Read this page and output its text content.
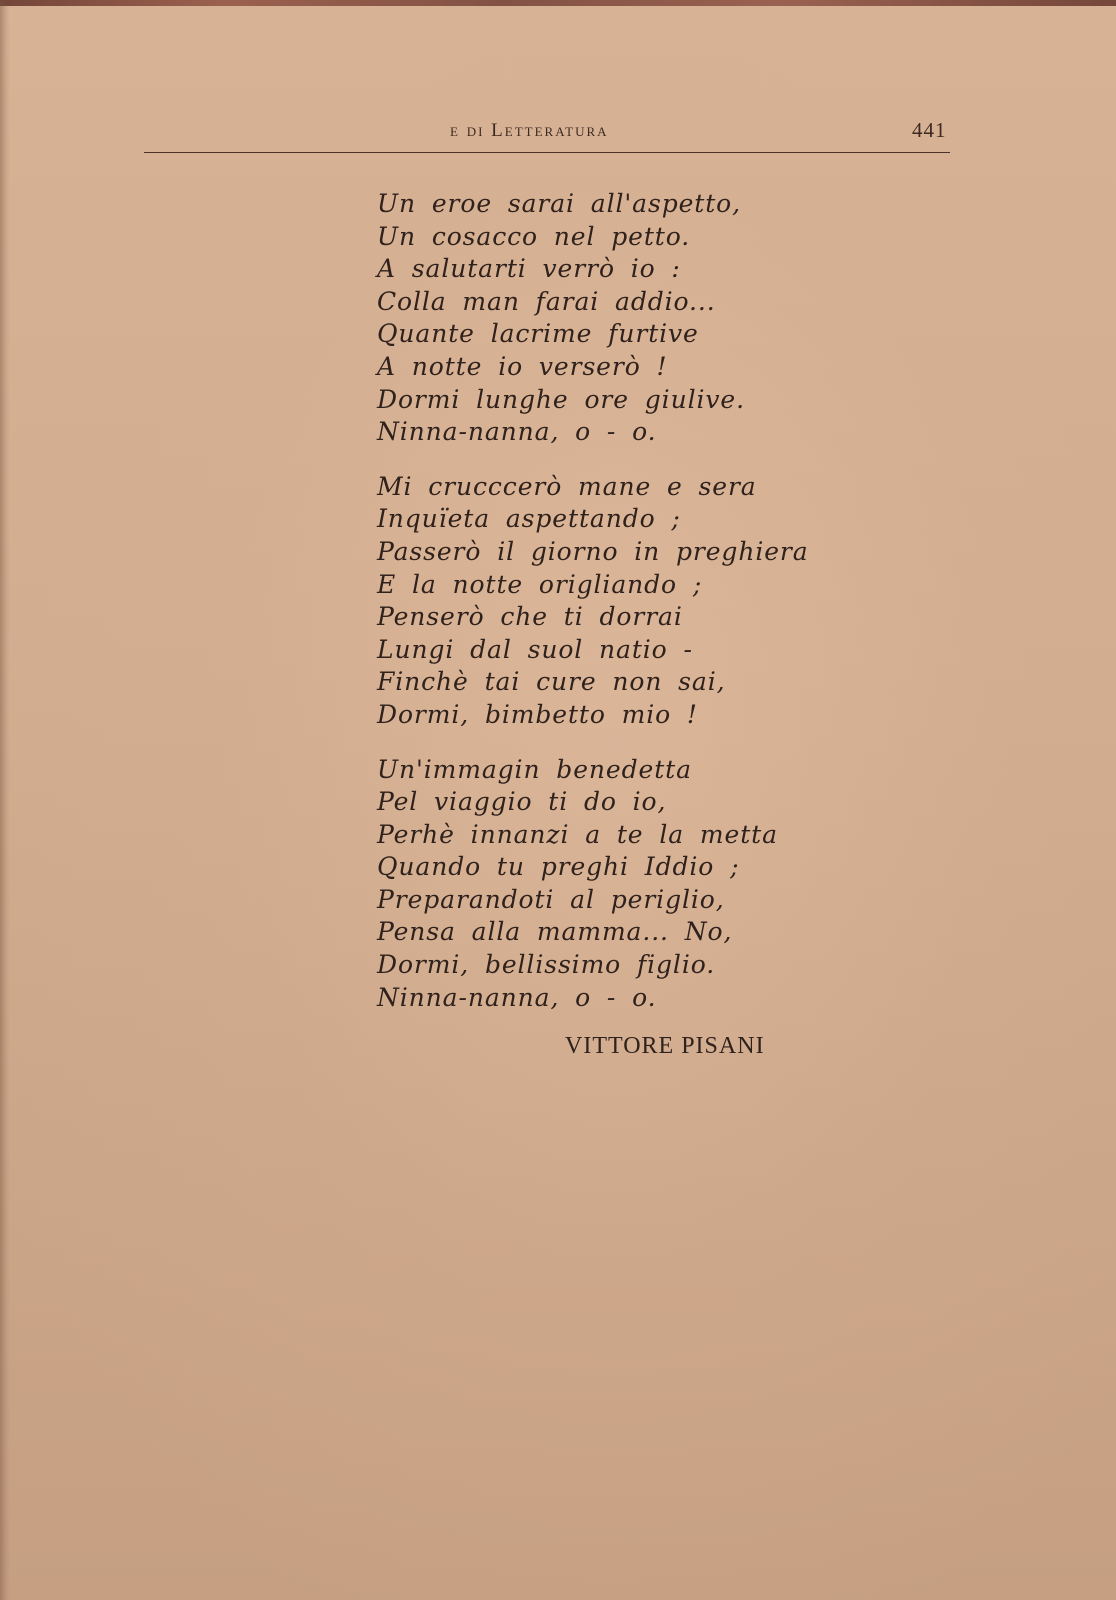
e di Letteratura	441
Un eroe sarai all'aspetto,
Un cosacco nel petto.
A salutarti verrò io :
Colla man farai addio...
Quante lacrime furtive
A notte io verserò !
Dormi lunghe ore giulive.
Ninna-nanna, o - o.
Mi crucccerò mane e sera
Inquïeta aspettando ;
Passerò il giorno in preghiera
E la notte origliando ;
Penserò che ti dorrai
Lungi dal suol natio -
Finchè tai cure non sai,
Dormi, bimbetto mio !
Un'immagin benedetta
Pel viaggio ti do io,
Perhè innanzi a te la metta
Quando tu preghi Iddio ;
Preparandoti al periglio,
Pensa alla mamma... No,
Dormi, bellissimo figlio.
Ninna-nanna, o - o.
VITTORE PISANI
